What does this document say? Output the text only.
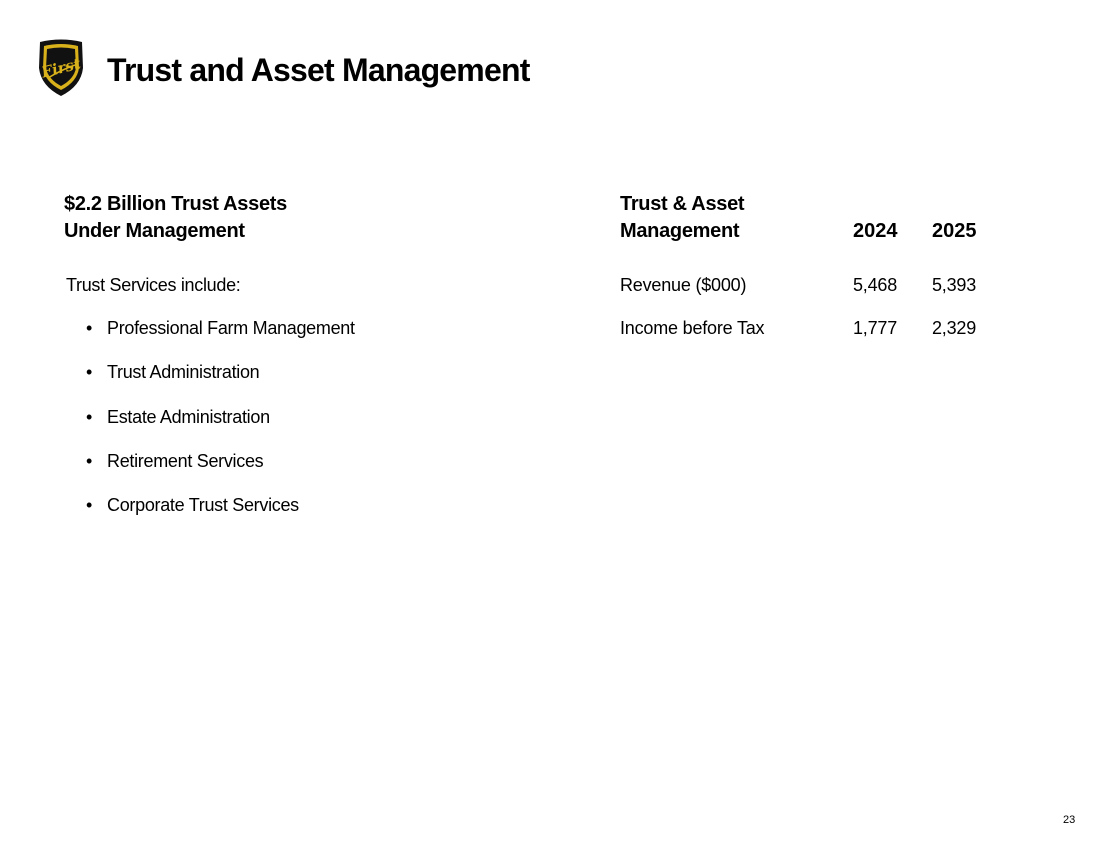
First Trust and Asset Management
$2.2 Billion Trust Assets
Under Management
Trust Services include:
• Professional Farm Management
• Trust Administration
• Estate Administration
• Retirement Services
• Corporate Trust Services
Trust & Asset
Management	2024 2025
Revenue ($000)	5,468 5,393
Income before Tax	1,777 2,329
23
